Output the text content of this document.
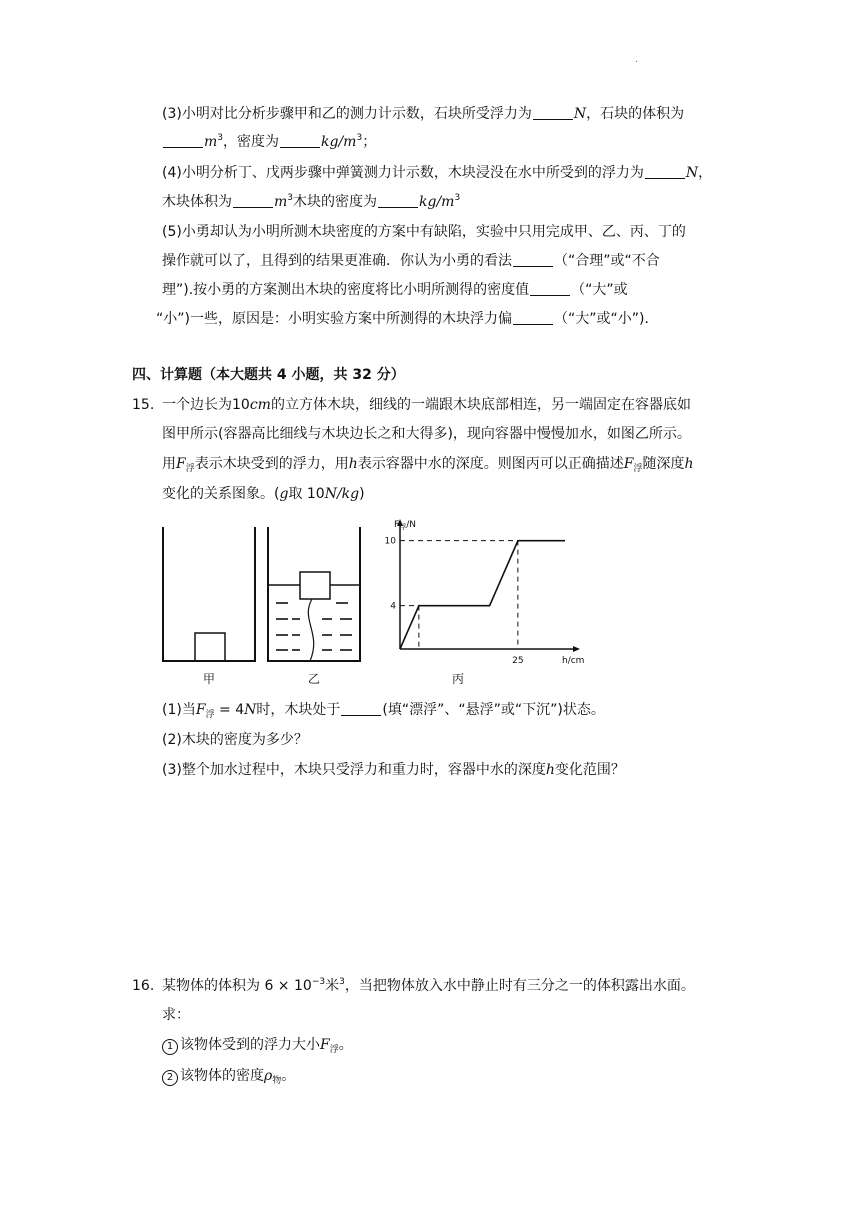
.
(3)小明对比分析步骤甲和乙的测力计示数，石块所受浮力为	N，石块的体积为
$m^3$，密度为	$kg/m^3$；
(4)小明分析丁、戊两步骤中弹簧测力计示数，木块浸没在水中所受到的浮力为	N，
木块体积为	$m^3$木块的密度为	$kg/m^3$
(5)小勇却认为小明所测木块密度的方案中有缺陷，实验中只用完成甲、乙、丙、丁的
操作就可以了，且得到的结果更准确．你认为小勇的看法	（“合理”或“不合
理”).按小勇的方案测出木块的密度将比小明所测得的密度值	（“大”或
“小”)一些，原因是：小明实验方案中所测得的木块浮力偏	（“大”或“小”)．
四、计算题（本大题共 4 小题，共 32 分）
15. 一个边长为10cm的立方体木块，细线的一端跟木块底部相连，另一端固定在容器底如
图甲所示(容器高比细线与木块边长之和大得多)，现向容器中慢慢加水，如图乙所示。
用$F_浮$表示木块受到的浮力，用h表示容器中水的深度。则图丙可以正确描述$F_浮$随深度h
变化的关系图象。(g取 10N/kg)
甲	乙
$F_浮/N$
10
4
25	h/cm
丙
(1)当$F_浮 = 4N$时，木块处于	(填“漂浮”、“悬浮”或“下沉”)状态。
(2)木块的密度为多少？
(3)整个加水过程中，木块只受浮力和重力时，容器中水的深度h变化范围？
16. 某物体的体积为 $6 \times 10^{-3}$米$^3$，当把物体放入水中静止时有三分之一的体积露出水面。
求：
1 该物体受到的浮力大小$F_浮$。
2 该物体的密度$\rho_物$。
